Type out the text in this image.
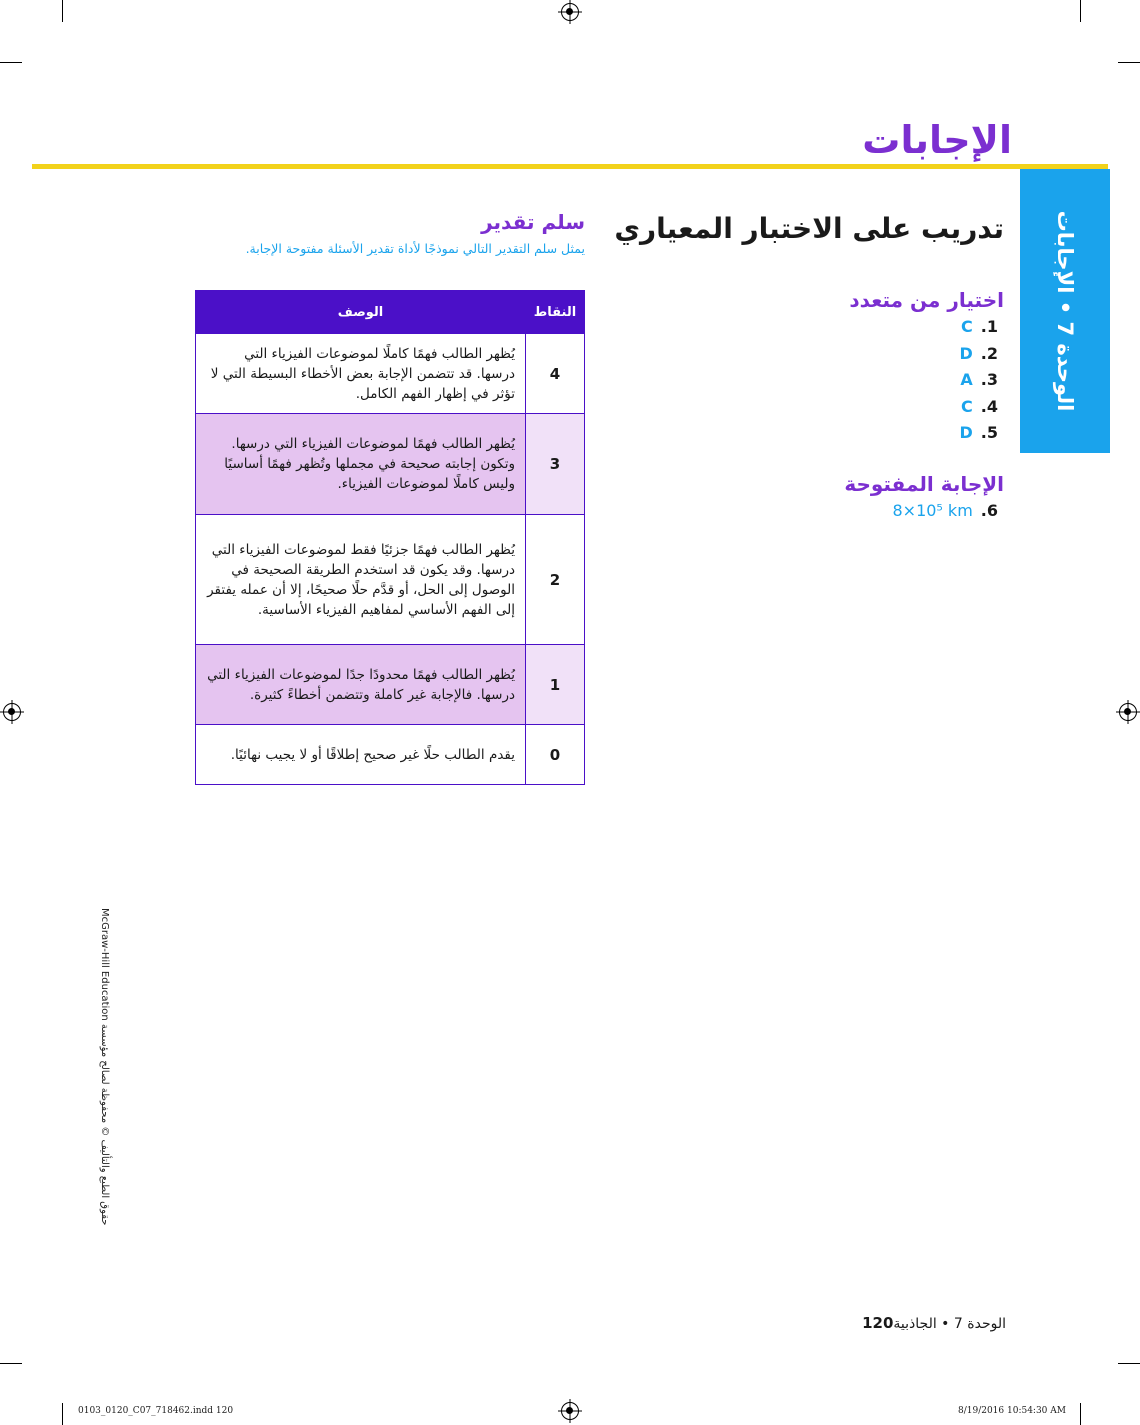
الإجابات
الوحدة 7 • الإجابات
تدريب على الاختبار المعياري
اختيار من متعدد
1.C
2.D
3.A
4.C
5.D
الإجابة المفتوحة
6.8×10⁵ km
سلم تقدير
يمثل سلم التقدير التالي نموذجًا لأداة تقدير الأسئلة مفتوحة الإجابة.
النقاط	الوصف
4	يُظهر الطالب فهمًا كاملًا لموضوعات الفيزياء التي درسها. قد تتضمن الإجابة بعض الأخطاء البسيطة التي لا تؤثر في إظهار الفهم الكامل.
3	يُظهر الطالب فهمًا لموضوعات الفيزياء التي درسها. وتكون إجابته صحيحة في مجملها وتُظهر فهمًا أساسيًا وليس كاملًا لموضوعات الفيزياء.
2	يُظهر الطالب فهمًا جزئيًا فقط لموضوعات الفيزياء التي درسها. وقد يكون قد استخدم الطريقة الصحيحة في الوصول إلى الحل، أو قدَّم حلًا صحيحًا، إلا أن عمله يفتقر إلى الفهم الأساسي لمفاهيم الفيزياء الأساسية.
1	يُظهر الطالب فهمًا محدودًا جدًا لموضوعات الفيزياء التي درسها. فالإجابة غير كاملة وتتضمن أخطاءً كثيرة.
0	يقدم الطالب حلًا غير صحيح إطلاقًا أو لا يجيب نهائيًا.
حقوق الطبع والتأليف © محفوظة لصالح مؤسسة McGraw-Hill Education
الوحدة 7 • الجاذبية120
0103_0120_C07_718462.indd 120	8/19/2016 10:54:30 AM
